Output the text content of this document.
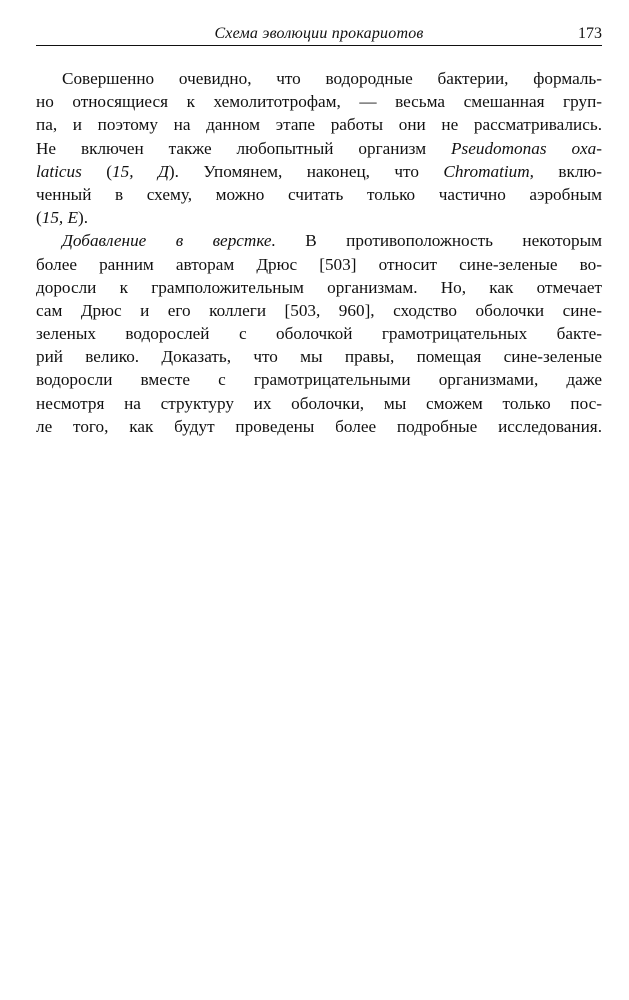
Схема эволюции прокариотов	173
Совершенно очевидно, что водородные бактерии, формаль-
но относящиеся к хемолитотрофам, — весьма смешанная груп-
па, и поэтому на данном этапе работы они не рассматривались.
Не включен также любопытный организм Pseudomonas oxa-
laticus (15, Д). Упомянем, наконец, что Chromatium, вклю-
ченный в схему, можно считать только частично аэробным
(15, Е).
Добавление в верстке. В противоположность некоторым
более ранним авторам Дрюс [503] относит сине-зеленые во-
доросли к грамположительным организмам. Но, как отмечает
сам Дрюс и его коллеги [503, 960], сходство оболочки сине-
зеленых водорослей с оболочкой грамотрицательных бакте-
рий велико. Доказать, что мы правы, помещая сине-зеленые
водоросли вместе с грамотрицательными организмами, даже
несмотря на структуру их оболочки, мы сможем только пос-
ле того, как будут проведены более подробные исследования.
